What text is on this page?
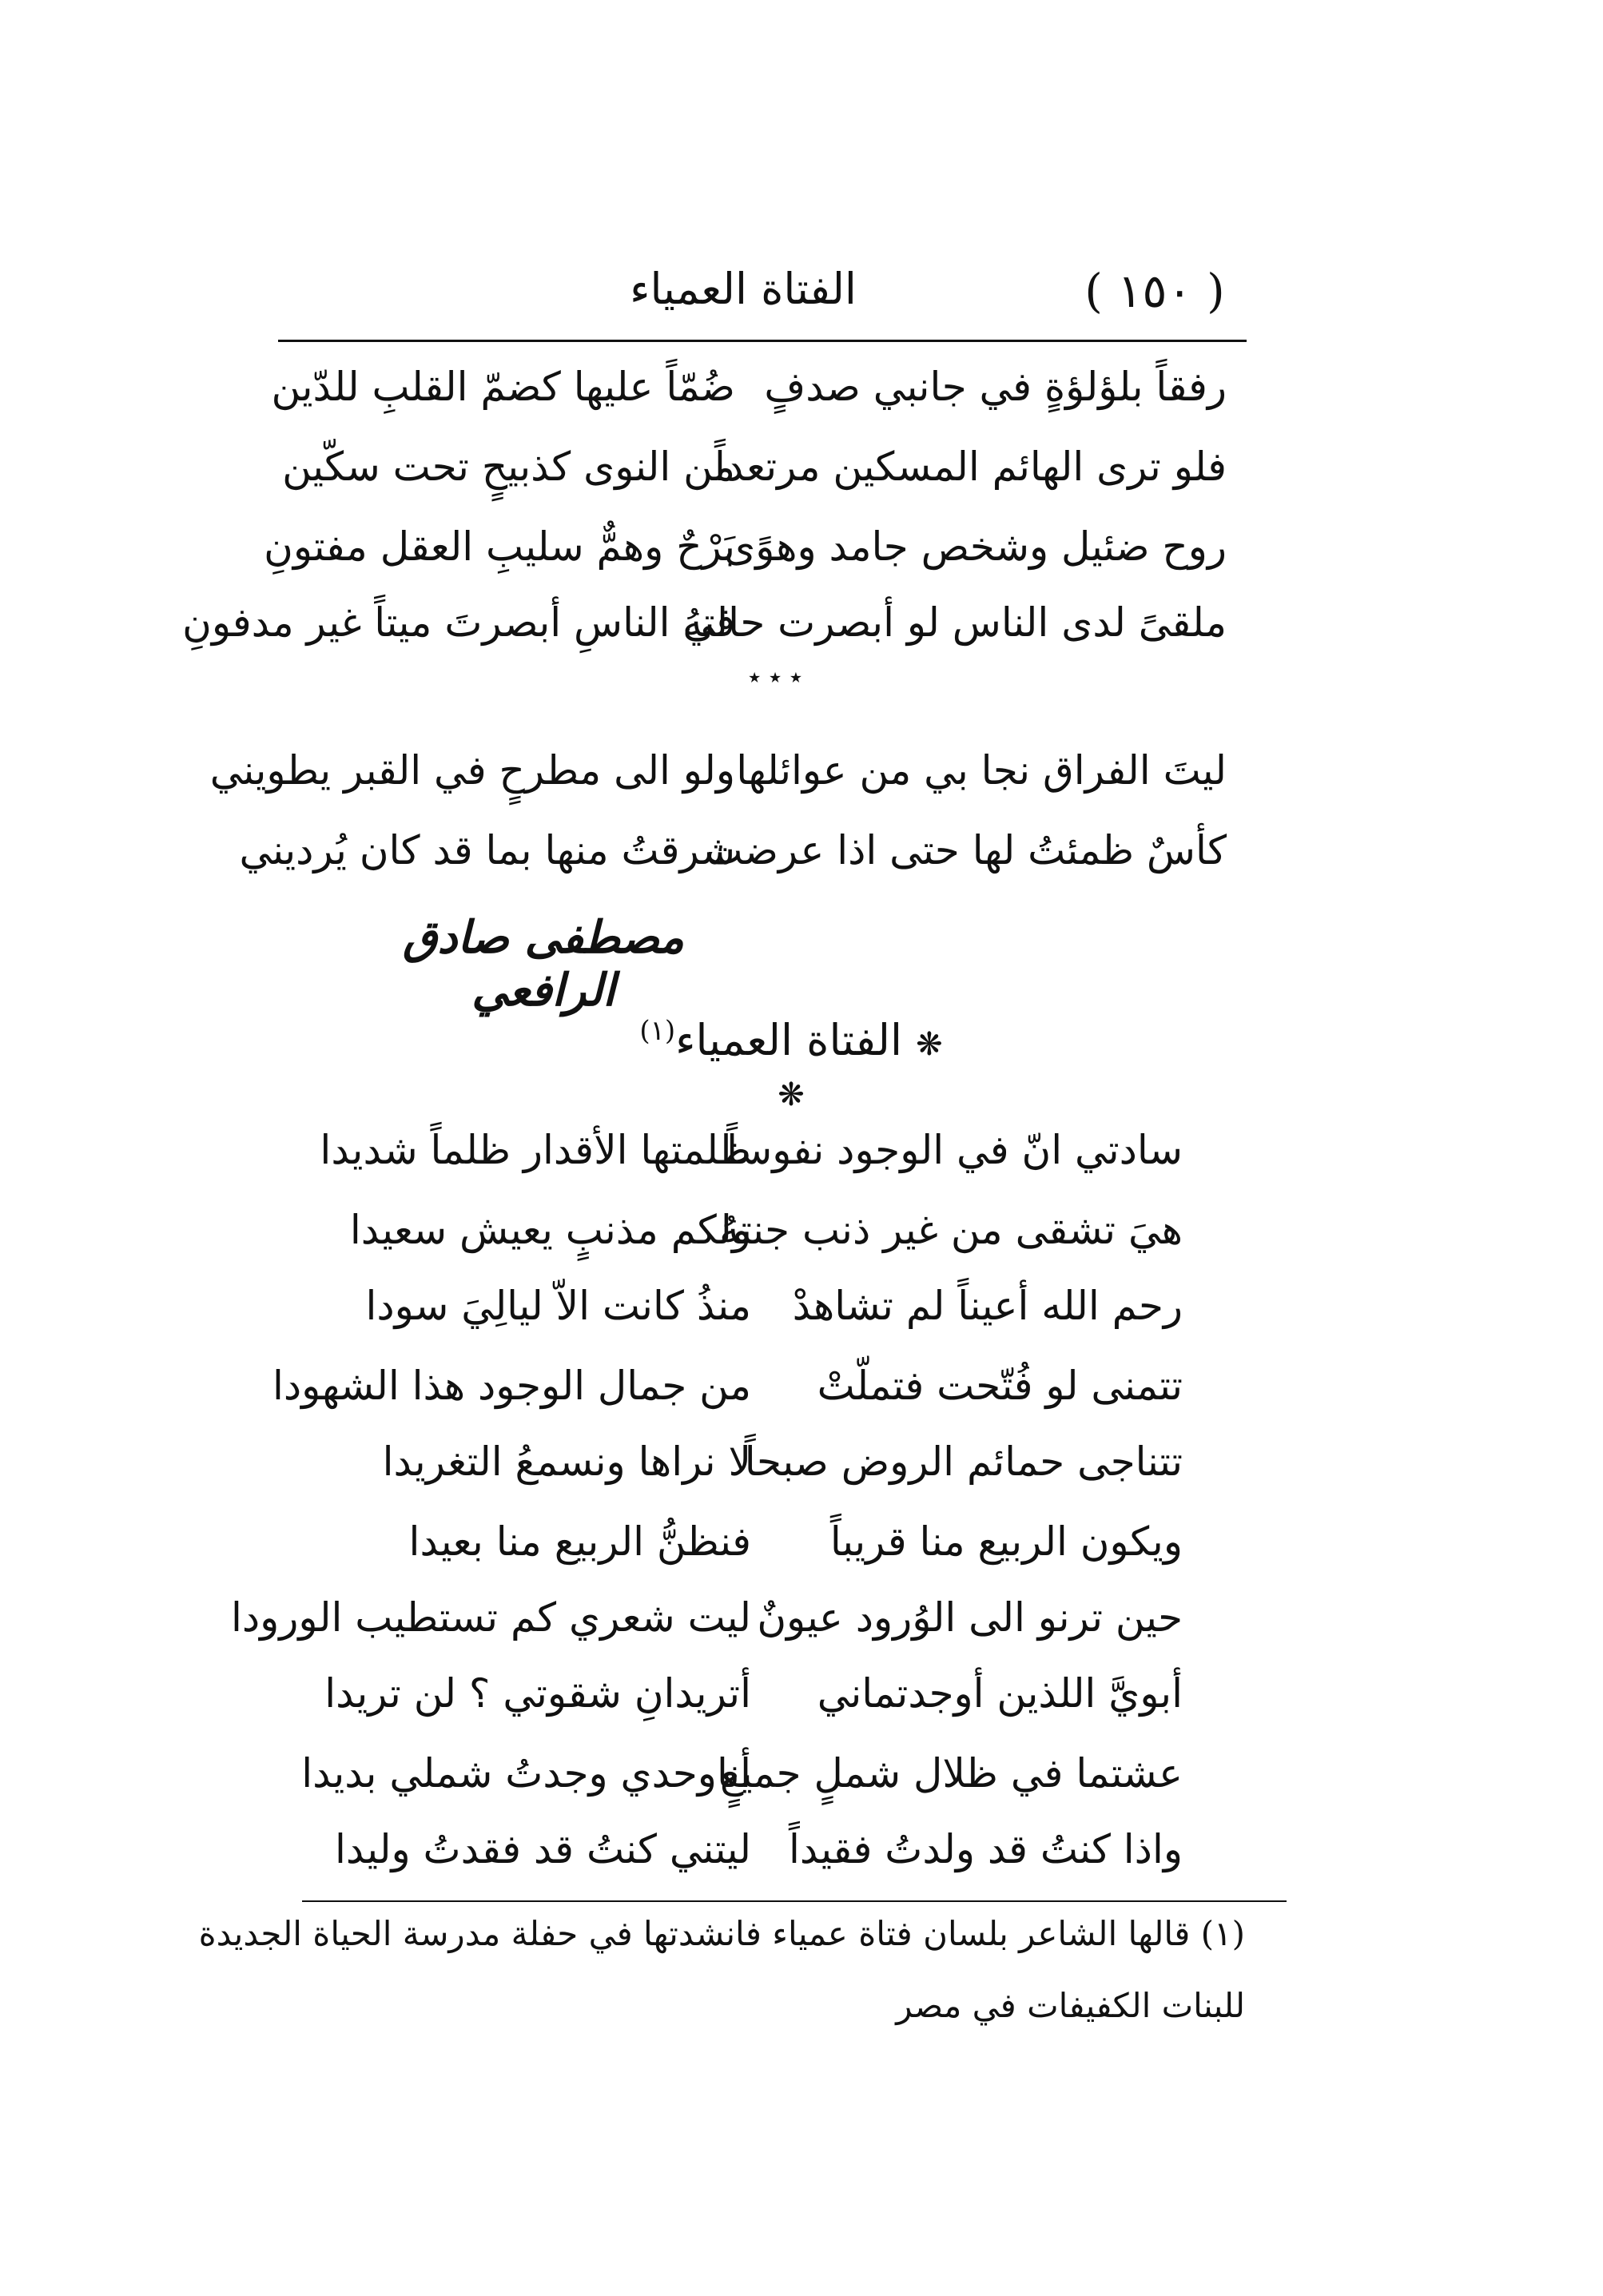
( ١٥٠ )
الفتاة العمياء
رفقاً بلؤلؤةٍ في جانبي صدفٍ
ضُمّاً عليها كضمّ القلبِ للدّين
فلو ترى الهائم المسكين مرتعداً
من النوى كذبيحٍ تحت سكّين
روح ضئيل وشخص جامد وهوًى
بَرْحٌ وهمٌّ سليبِ العقل مفتونِ
ملقىً لدى الناس لو أبصرت حالتهُ
في الناسِ أبصرتَ ميتاً غير مدفونِ
٭ ٭ ٭
ليتَ الفراق نجا بي من عوائلها
ولو الى مطرحٍ في القبر يطويني
كأسٌ ظمئتُ لها حتى اذا عرضت
شرقتُ منها بما قد كان يُرديني
مصطفى صادق الرافعي
❋ الفتاة العمياء$^{(١)}$ ❋
سادتي انّ في الوجود نفوساً
ظلمتها الأقدار ظلماً شديدا
هيَ تشقى من غير ذنب جنتهُ
ولكم مذنبٍ يعيش سعيدا
رحم الله أعيناً لم تشاهدْ
منذُ كانت الاّ ليالِيَ سودا
تتمنى لو فُتّحت فتملّتْ
من جمال الوجود هذا الشهودا
تتناجى حمائم الروض صبحاً
لا نراها ونسمعُ التغريدا
ويكون الربيع منا قريباً
فنظنُّ الربيع منا بعيدا
حين ترنو الى الوُرود عيونٌ
ليت شعري كم تستطيب الورودا
أبويَّ اللذين أوجدتماني
أتريدانِ شقوتي ؟ لن تريدا
عشتما في ظلال شملٍ جميعٍ
أناوحدي وجدتُ شملي بديدا
واذا كنتُ قد ولدتُ فقيداً
ليتني كنتُ قد فقدتُ وليدا
(١) قالها الشاعر بلسان فتاة عمياء فانشدتها في حفلة مدرسة الحياة الجديدة
للبنات الكفيفات في مصر
